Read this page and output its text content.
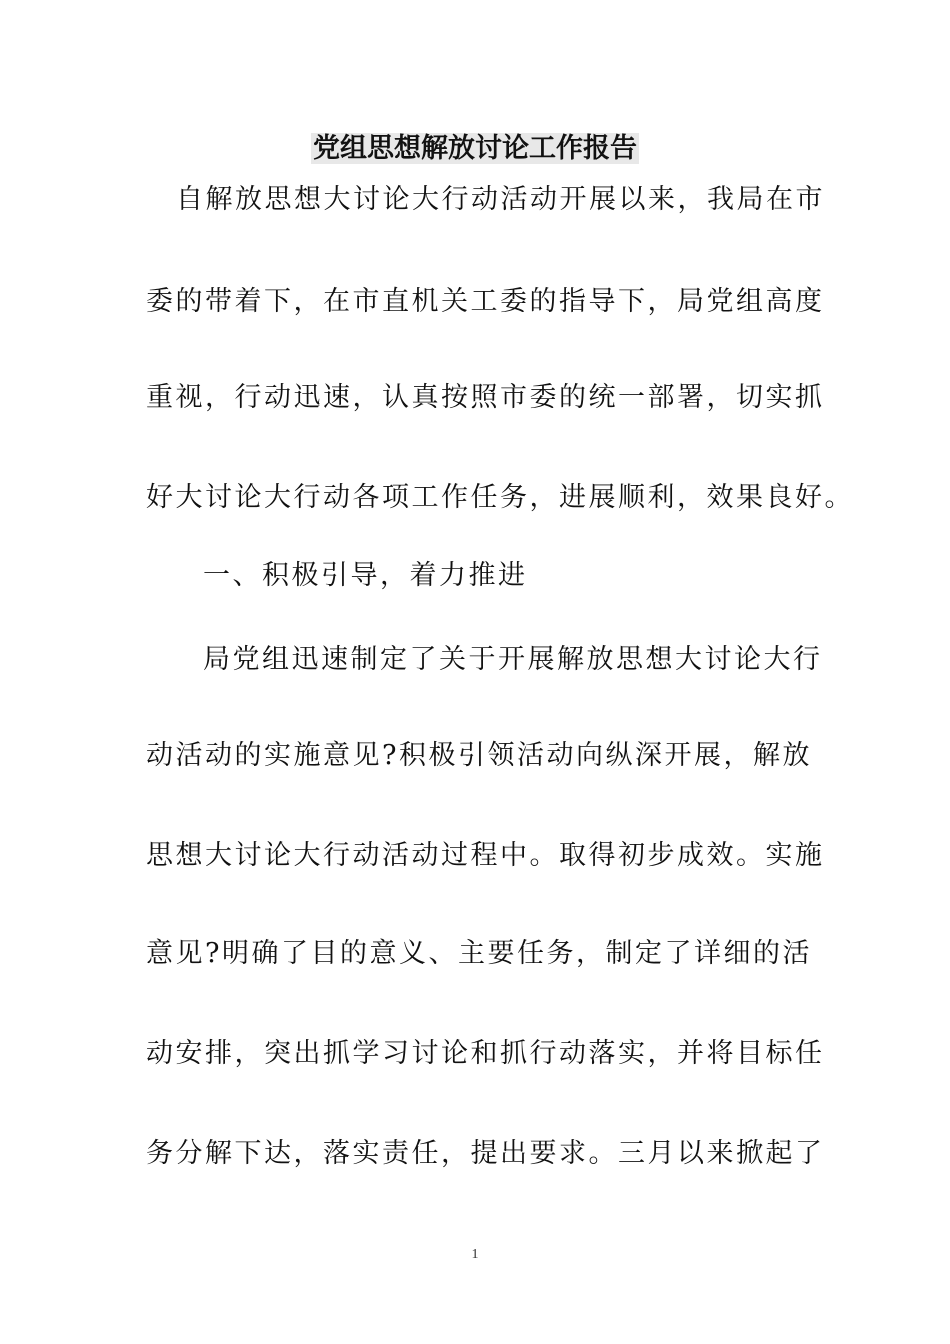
党组思想解放讨论工作报告
自解放思想大讨论大行动活动开展以来，我局在市
委的带着下，在市直机关工委的指导下，局党组高度
重视，行动迅速，认真按照市委的统一部署，切实抓
好大讨论大行动各项工作任务，进展顺利，效果良好。
一、积极引导，着力推进
局党组迅速制定了关于开展解放思想大讨论大行
动活动的实施意见?积极引领活动向纵深开展，解放
思想大讨论大行动活动过程中。取得初步成效。实施
意见?明确了目的意义、主要任务，制定了详细的活
动安排，突出抓学习讨论和抓行动落实，并将目标任
务分解下达，落实责任，提出要求。三月以来掀起了
1
